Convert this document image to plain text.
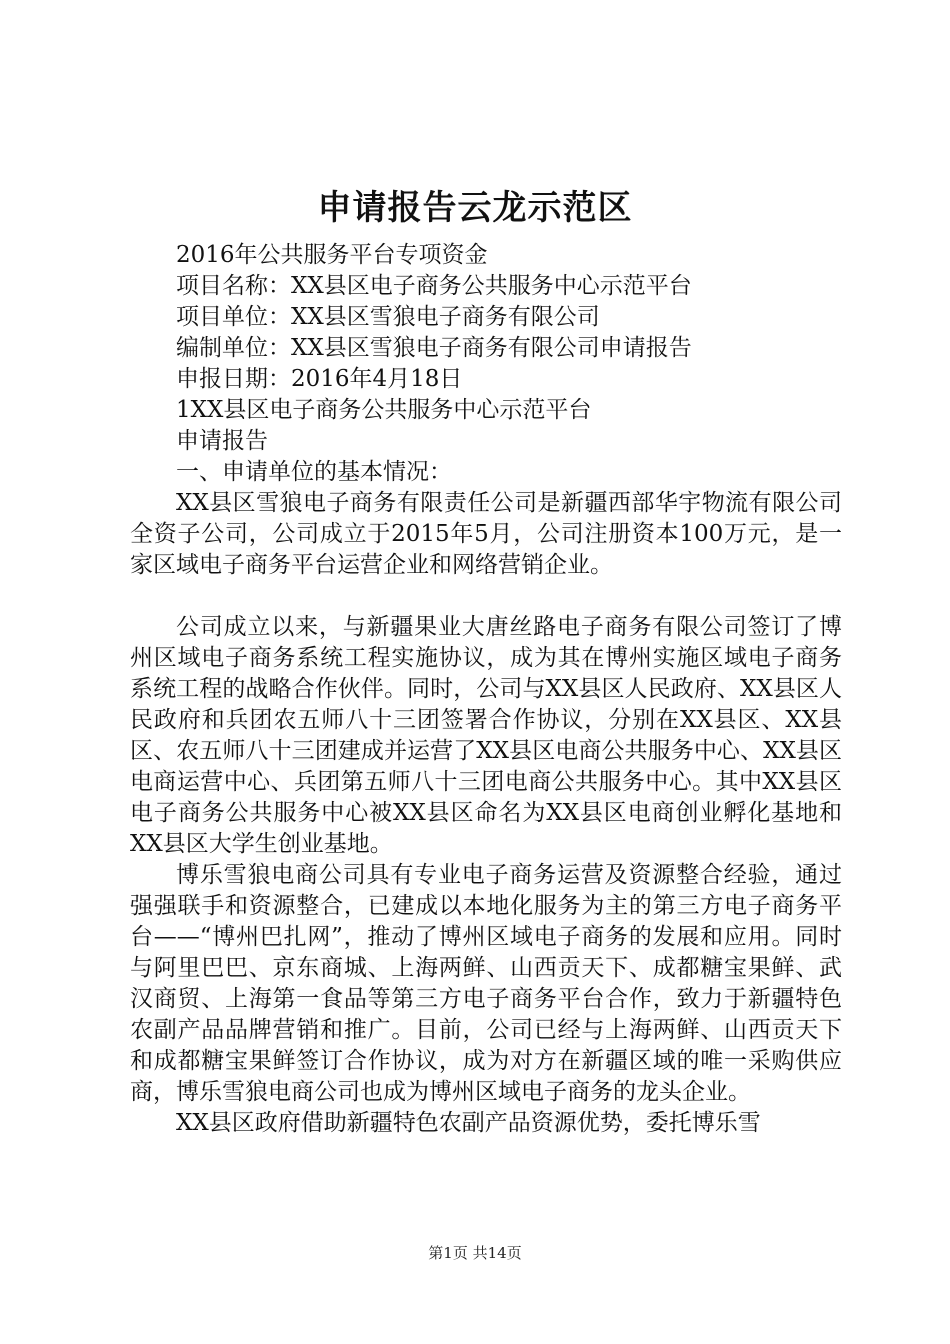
申请报告云龙示范区

2016年公共服务平台专项资金

项目名称：XX县区电子商务公共服务中心示范平台

项目单位：XX县区雪狼电子商务有限公司

编制单位：XX县区雪狼电子商务有限公司申请报告

申报日期：2016年4月18日

1XX县区电子商务公共服务中心示范平台

申请报告

一、申请单位的基本情况：

XX县区雪狼电子商务有限责任公司是新疆西部华宇物流有限公司全资子公司，公司成立于2015年5月，公司注册资本100万元，是一家区域电子商务平台运营企业和网络营销企业。

公司成立以来，与新疆果业大唐丝路电子商务有限公司签订了博州区域电子商务系统工程实施协议，成为其在博州实施区域电子商务系统工程的战略合作伙伴。同时，公司与XX县区人民政府、XX县区人民政府和兵团农五师八十三团签署合作协议，分别在XX县区、XX县区、农五师八十三团建成并运营了XX县区电商公共服务中心、XX县区电商运营中心、兵团第五师八十三团电商公共服务中心。其中XX县区电子商务公共服务中心被XX县区命名为XX县区电商创业孵化基地和XX县区大学生创业基地。

博乐雪狼电商公司具有专业电子商务运营及资源整合经验，通过强强联手和资源整合，已建成以本地化服务为主的第三方电子商务平台——“博州巴扎网”，推动了博州区域电子商务的发展和应用。同时与阿里巴巴、京东商城、上海两鲜、山西贡天下、成都糖宝果鲜、武汉商贸、上海第一食品等第三方电子商务平台合作，致力于新疆特色农副产品品牌营销和推广。目前，公司已经与上海两鲜、山西贡天下和成都糖宝果鲜签订合作协议，成为对方在新疆区域的唯一采购供应商，博乐雪狼电商公司也成为博州区域电子商务的龙头企业。

XX县区政府借助新疆特色农副产品资源优势，委托博乐雪

第1页 共14页
